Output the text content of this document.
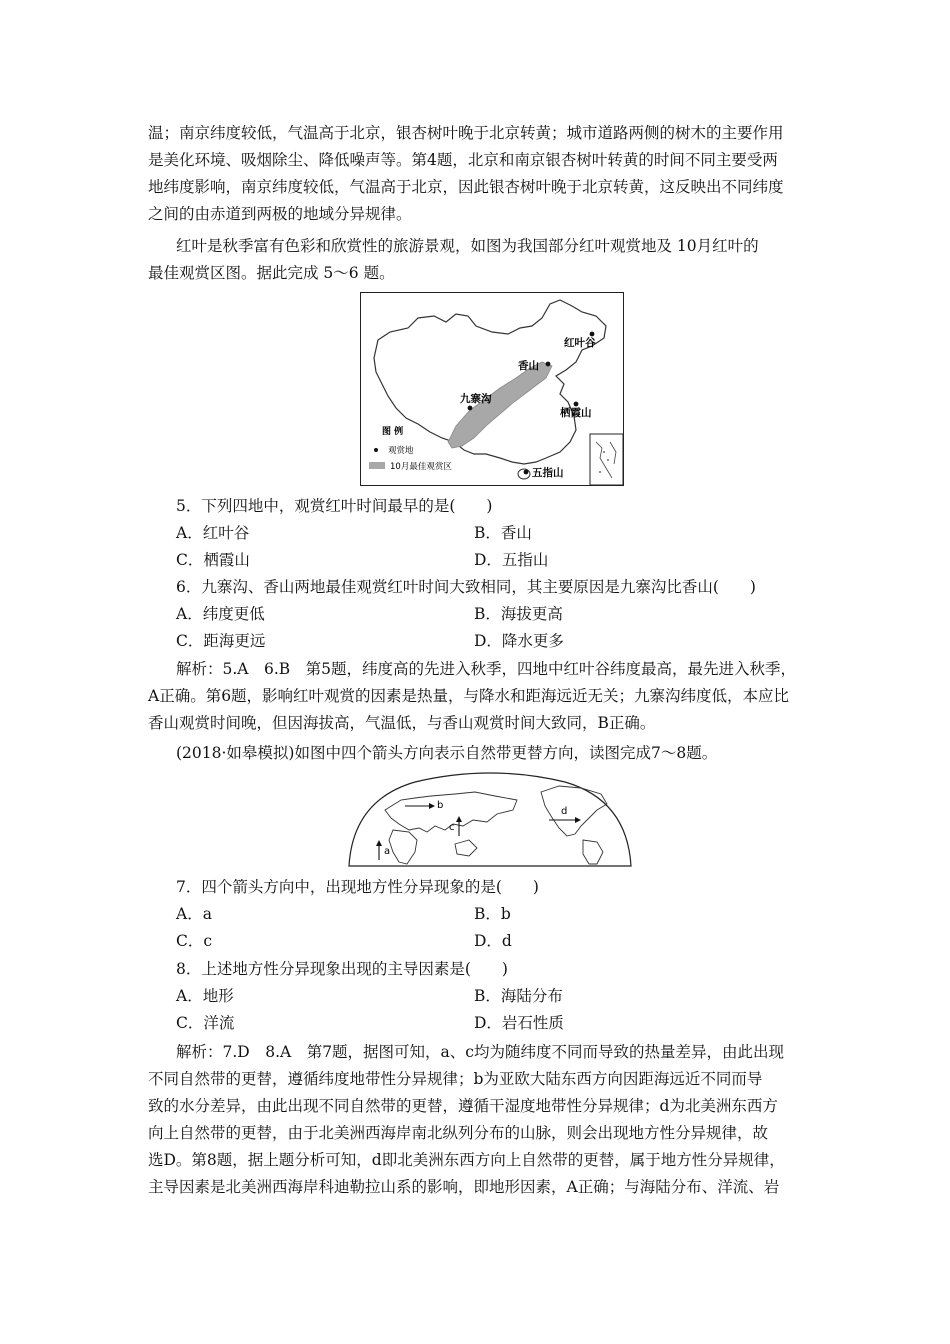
温；南京纬度较低，气温高于北京，银杏树叶晚于北京转黄；城市道路两侧的树木的主要作用
是美化环境、吸烟除尘、降低噪声等。第4题，北京和南京银杏树叶转黄的时间不同主要受两
地纬度影响，南京纬度较低，气温高于北京，因此银杏树叶晚于北京转黄，这反映出不同纬度
之间的由赤道到两极的地域分异规律。
红叶是秋季富有色彩和欣赏性的旅游景观，如图为我国部分红叶观赏地及 10月红叶的
最佳观赏区图。据此完成 5～6 题。
红叶谷
香山
九寨沟
栖霞山
五指山
图 例
观赏地
10月最佳观赏区
5．下列四地中，观赏红叶时间最早的是(　　)
A．红叶谷	B．香山
C．栖霞山	D．五指山
6．九寨沟、香山两地最佳观赏红叶时间大致相同，其主要原因是九寨沟比香山(　　)
A．纬度更低	B．海拔更高
C．距海更远	D．降水更多
解析：5.A　6.B　第5题，纬度高的先进入秋季，四地中红叶谷纬度最高，最先进入秋季，
A正确。第6题，影响红叶观赏的因素是热量，与降水和距海远近无关；九寨沟纬度低，本应比
香山观赏时间晚，但因海拔高，气温低，与香山观赏时间大致同，B正确。
(2018·如皋模拟)如图中四个箭头方向表示自然带更替方向，读图完成7～8题。
a
b
c
d
7．四个箭头方向中，出现地方性分异现象的是(　　)
A．a	B．b
C．c	D．d
8．上述地方性分异现象出现的主导因素是(　　)
A．地形	B．海陆分布
C．洋流	D．岩石性质
解析：7.D　8.A　第7题，据图可知，a、c均为随纬度不同而导致的热量差异，由此出现
不同自然带的更替，遵循纬度地带性分异规律；b为亚欧大陆东西方向因距海远近不同而导
致的水分差异，由此出现不同自然带的更替，遵循干湿度地带性分异规律；d为北美洲东西方
向上自然带的更替，由于北美洲西海岸南北纵列分布的山脉，则会出现地方性分异规律，故
选D。第8题，据上题分析可知，d即北美洲东西方向上自然带的更替，属于地方性分异规律，
主导因素是北美洲西海岸科迪勒拉山系的影响，即地形因素，A正确；与海陆分布、洋流、岩
